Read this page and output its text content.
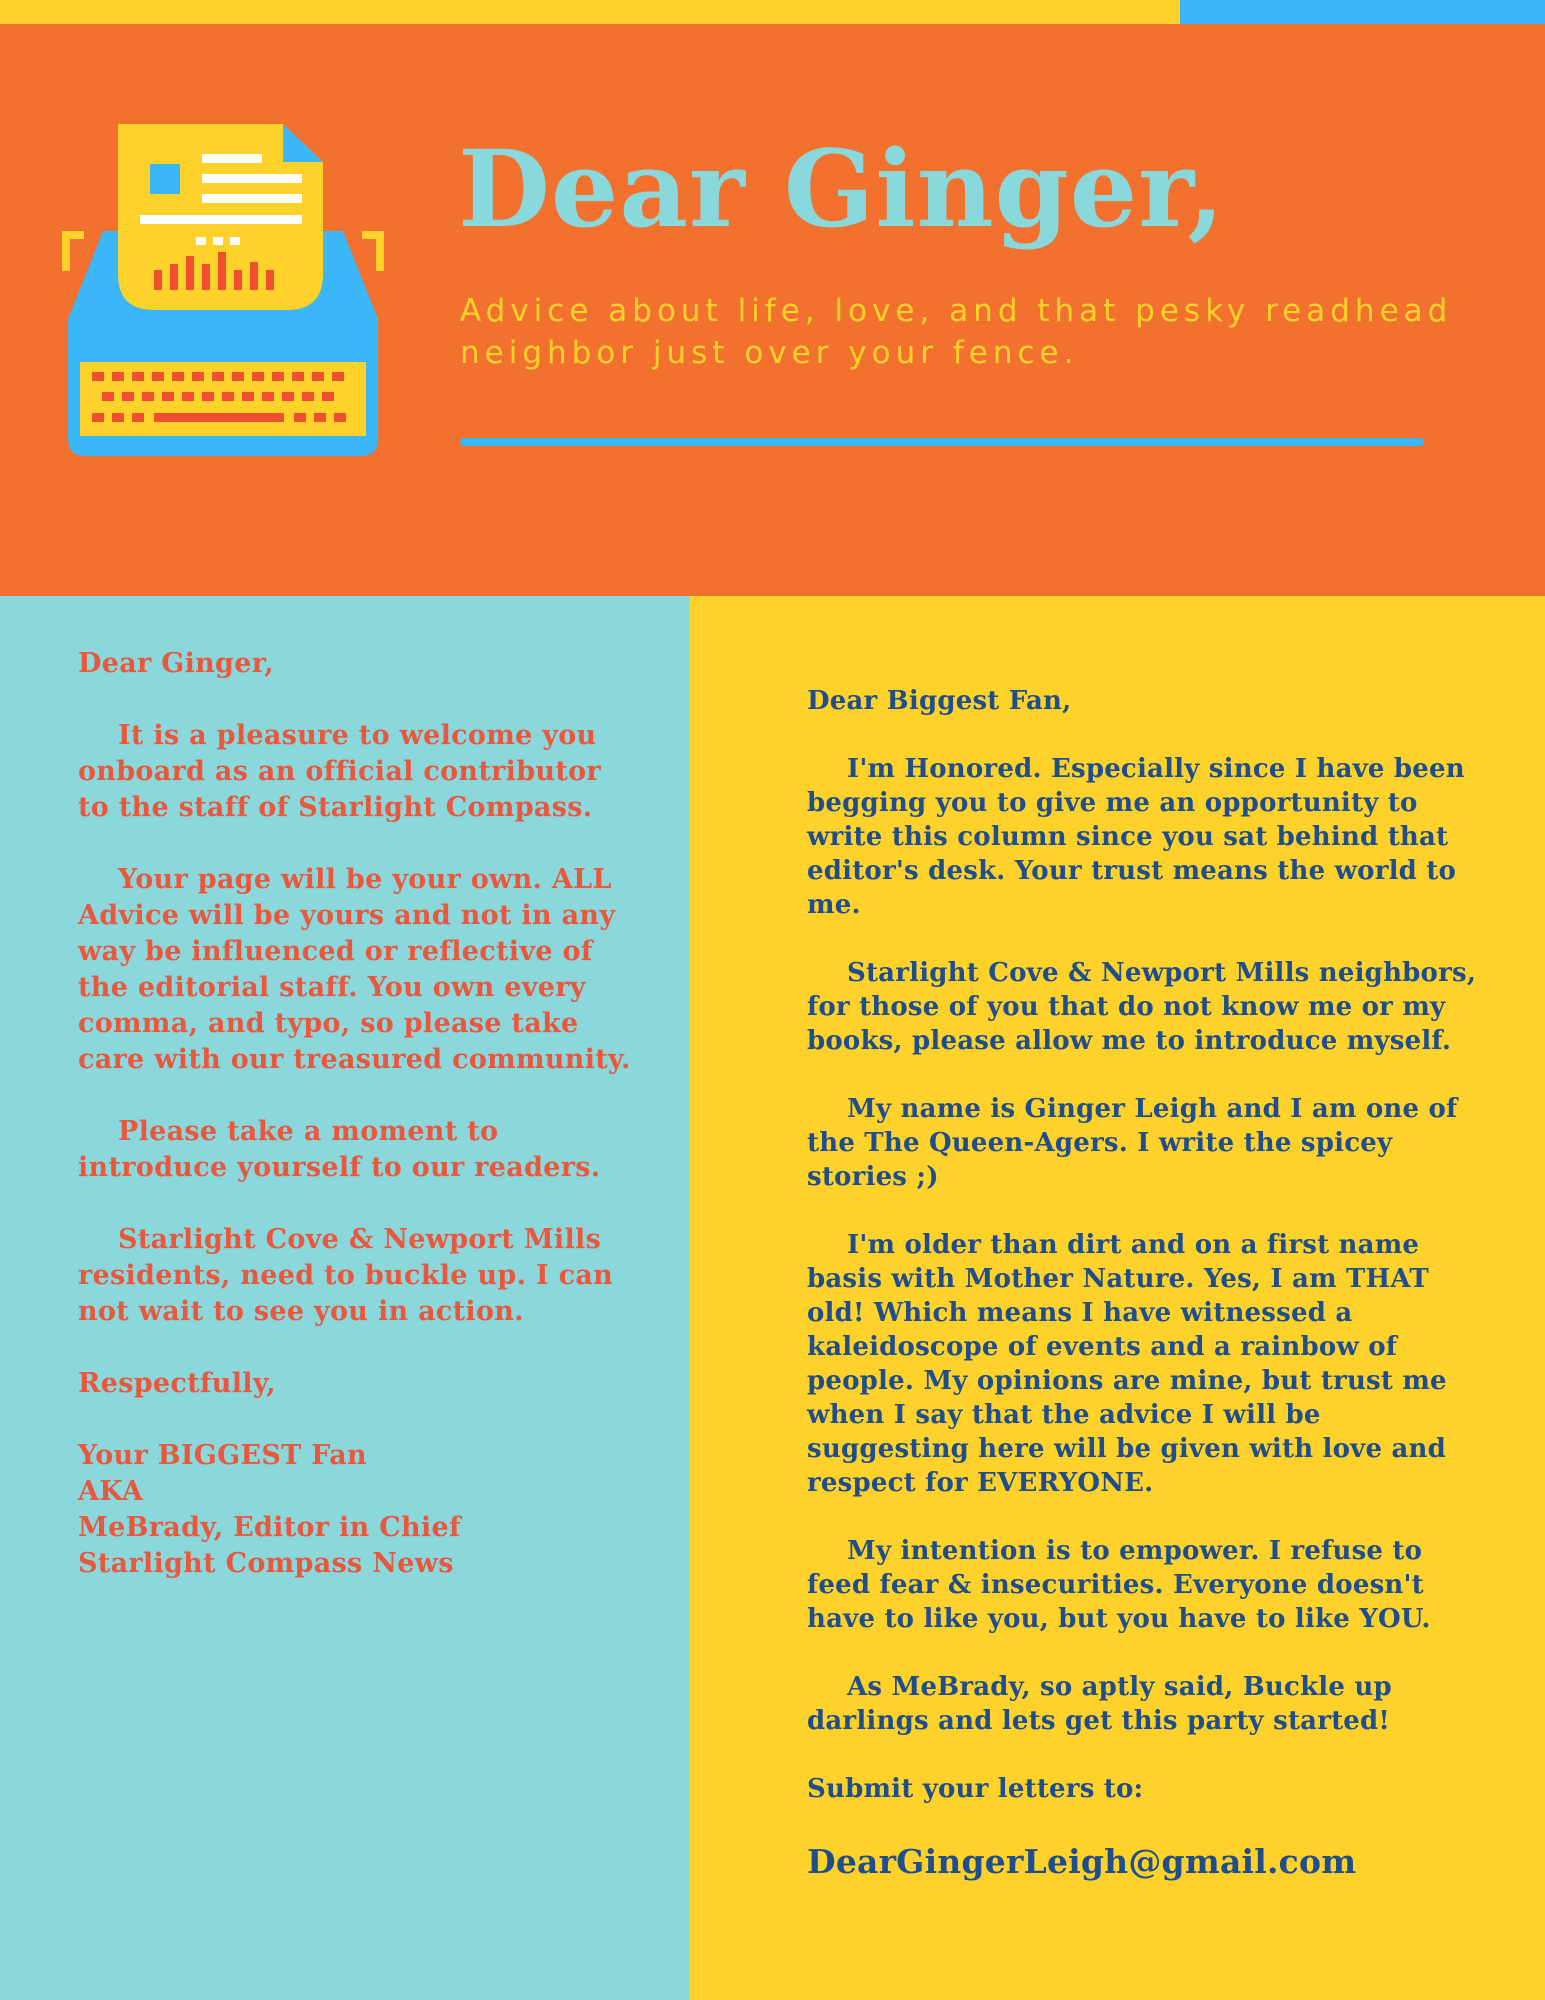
Dear Ginger,

Advice about life, love, and that pesky readhead neighbor just over your fence.

Dear Ginger,

It is a pleasure to welcome you onboard as an official contributor to the staff of Starlight Compass.

Your page will be your own. ALL Advice will be yours and not in any way be influenced or reflective of the editorial staff. You own every comma, and typo, so please take care with our treasured community.

Please take a moment to introduce yourself to our readers.

Starlight Cove & Newport Mills residents, need to buckle up. I can not wait to see you in action.

Respectfully,

Your BIGGEST Fan
AKA
MeBrady, Editor in Chief
Starlight Compass News

Dear Biggest Fan,

I'm Honored. Especially since I have been begging you to give me an opportunity to write this column since you sat behind that editor's desk. Your trust means the world to me.

Starlight Cove & Newport Mills neighbors, for those of you that do not know me or my books, please allow me to introduce myself.

My name is Ginger Leigh and I am one of the The Queen-Agers. I write the spicey stories ;)

I'm older than dirt and on a first name basis with Mother Nature. Yes, I am THAT old! Which means I have witnessed a kaleidoscope of events and a rainbow of people. My opinions are mine, but trust me when I say that the advice I will be suggesting here will be given with love and respect for EVERYONE.

My intention is to empower. I refuse to feed fear & insecurities. Everyone doesn't have to like you, but you have to like YOU.

As MeBrady, so aptly said, Buckle up darlings and lets get this party started!

Submit your letters to:

DearGingerLeigh@gmail.com
